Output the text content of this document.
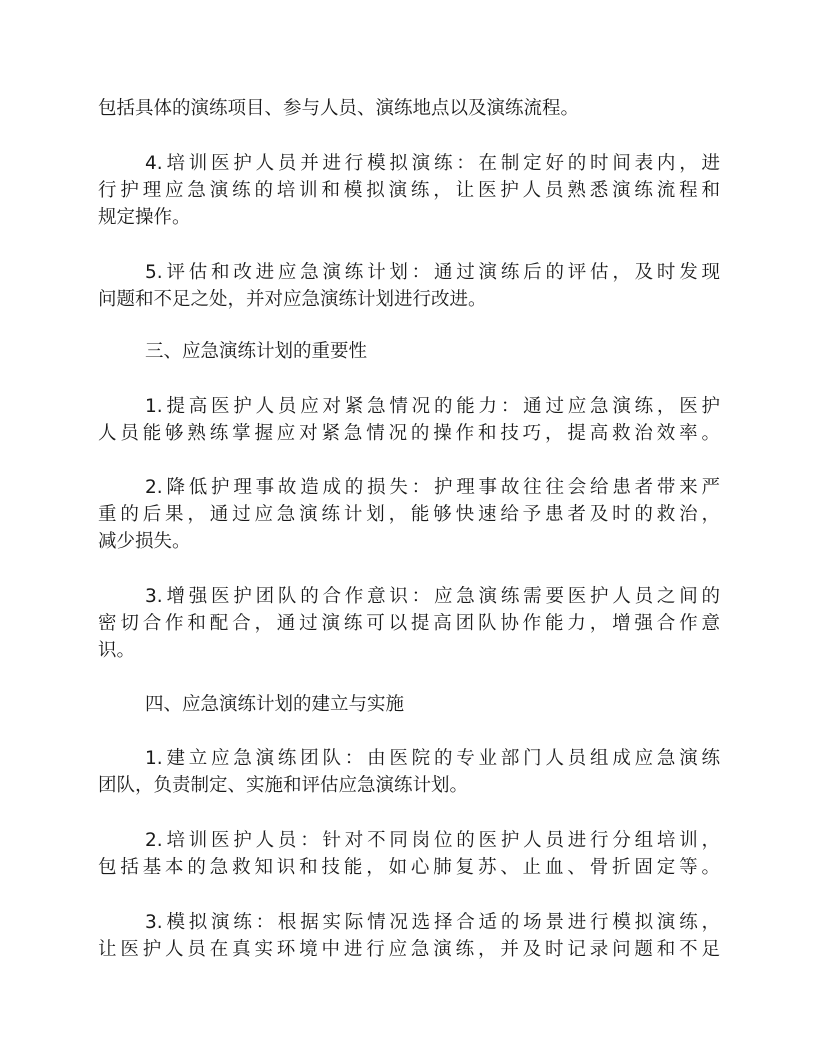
包括具体的演练项目、参与人员、演练地点以及演练流程。
4.培训医护人员并进行模拟演练：在制定好的时间表内，进
行护理应急演练的培训和模拟演练，让医护人员熟悉演练流程和
规定操作。
5.评估和改进应急演练计划：通过演练后的评估，及时发现
问题和不足之处，并对应急演练计划进行改进。
三、应急演练计划的重要性
1.提高医护人员应对紧急情况的能力：通过应急演练，医护
人员能够熟练掌握应对紧急情况的操作和技巧，提高救治效率。
2.降低护理事故造成的损失：护理事故往往会给患者带来严
重的后果，通过应急演练计划，能够快速给予患者及时的救治，
减少损失。
3.增强医护团队的合作意识：应急演练需要医护人员之间的
密切合作和配合，通过演练可以提高团队协作能力，增强合作意
识。
四、应急演练计划的建立与实施
1.建立应急演练团队：由医院的专业部门人员组成应急演练
团队，负责制定、实施和评估应急演练计划。
2.培训医护人员：针对不同岗位的医护人员进行分组培训，
包括基本的急救知识和技能，如心肺复苏、止血、骨折固定等。
3.模拟演练：根据实际情况选择合适的场景进行模拟演练，
让医护人员在真实环境中进行应急演练，并及时记录问题和不足
